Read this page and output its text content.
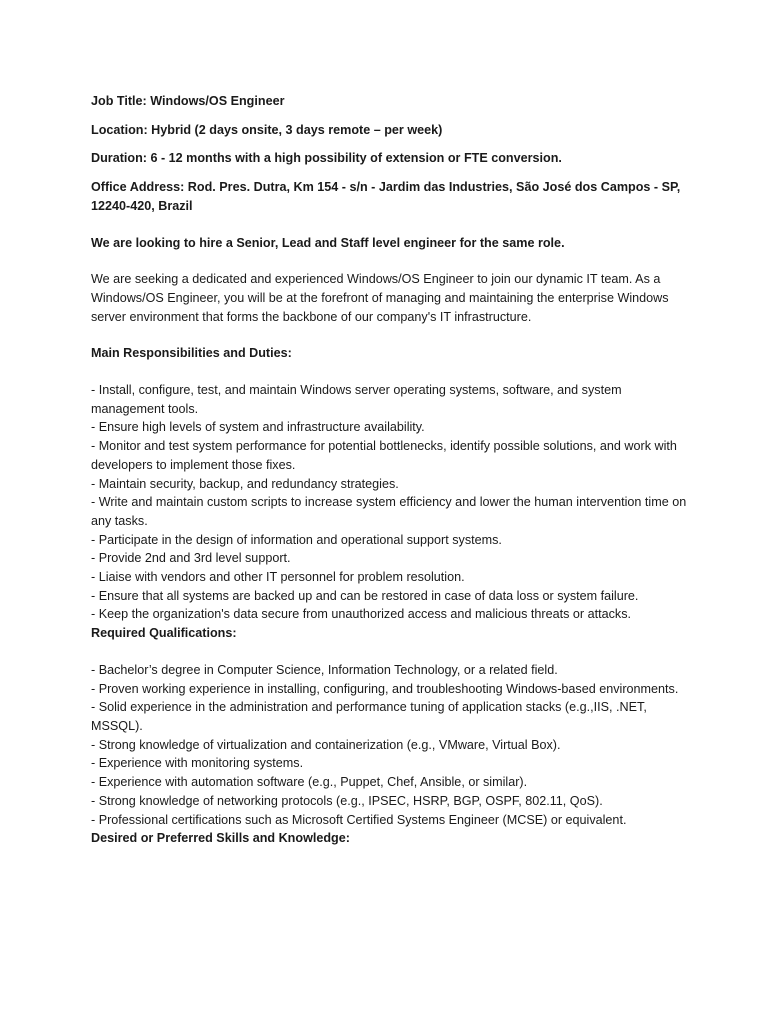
Job Title: Windows/OS Engineer

Location: Hybrid (2 days onsite, 3 days remote – per week)

Duration: 6 - 12 months with a high possibility of extension or FTE conversion.

Office Address: Rod. Pres. Dutra, Km 154 - s/n - Jardim das Industries, São José dos Campos - SP, 12240-420, Brazil

We are looking to hire a Senior, Lead and Staff level engineer for the same role.

We are seeking a dedicated and experienced Windows/OS Engineer to join our dynamic IT team. As a Windows/OS Engineer, you will be at the forefront of managing and maintaining the enterprise Windows server environment that forms the backbone of our company's IT infrastructure.

Main Responsibilities and Duties:

- Install, configure, test, and maintain Windows server operating systems, software, and system management tools.
- Ensure high levels of system and infrastructure availability.
- Monitor and test system performance for potential bottlenecks, identify possible solutions, and work with developers to implement those fixes.
- Maintain security, backup, and redundancy strategies.
- Write and maintain custom scripts to increase system efficiency and lower the human intervention time on any tasks.
- Participate in the design of information and operational support systems.
- Provide 2nd and 3rd level support.
- Liaise with vendors and other IT personnel for problem resolution.
- Ensure that all systems are backed up and can be restored in case of data loss or system failure.
- Keep the organization's data secure from unauthorized access and malicious threats or attacks.

Required Qualifications:

- Bachelor’s degree in Computer Science, Information Technology, or a related field.
- Proven working experience in installing, configuring, and troubleshooting Windows-based environments.
- Solid experience in the administration and performance tuning of application stacks (e.g.,IIS, .NET, MSSQL).
- Strong knowledge of virtualization and containerization (e.g., VMware, Virtual Box).
- Experience with monitoring systems.
- Experience with automation software (e.g., Puppet, Chef, Ansible, or similar).
- Strong knowledge of networking protocols (e.g., IPSEC, HSRP, BGP, OSPF, 802.11, QoS).
- Professional certifications such as Microsoft Certified Systems Engineer (MCSE) or equivalent.

Desired or Preferred Skills and Knowledge:
